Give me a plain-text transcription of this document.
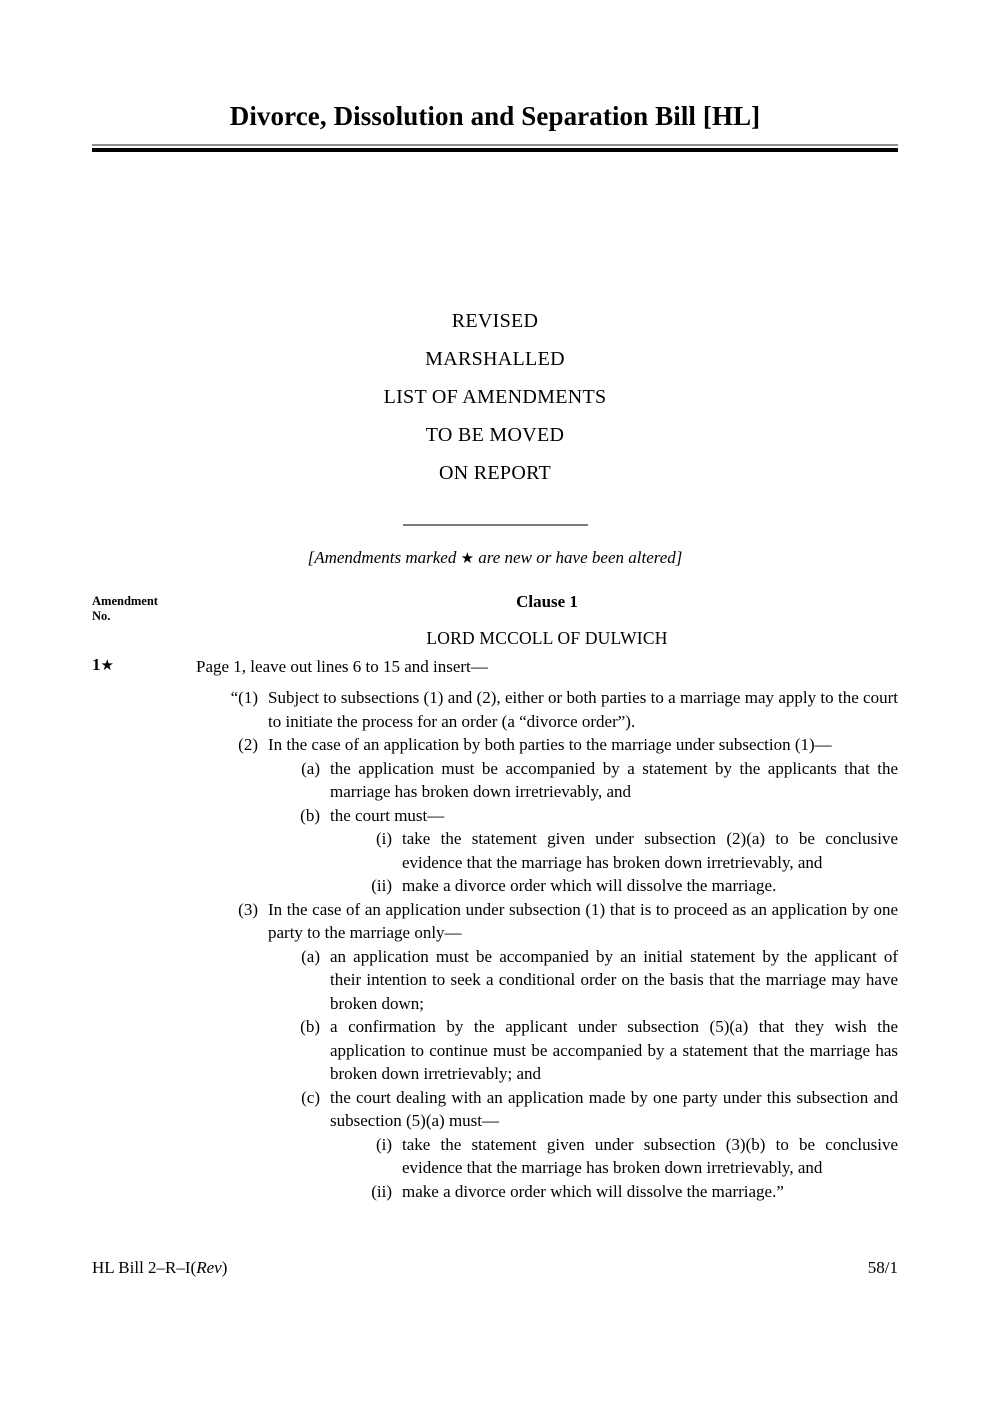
Divorce, Dissolution and Separation Bill [HL]
REVISED
MARSHALLED
LIST OF AMENDMENTS
TO BE MOVED
ON REPORT
[Amendments marked ★ are new or have been altered]
Amendment
No.
Clause 1
LORD MCCOLL OF DULWICH
1★	Page 1, leave out lines 6 to 15 and insert—
“(1) Subject to subsections (1) and (2), either or both parties to a marriage may apply to the court to initiate the process for an order (a “divorce order”).
(2) In the case of an application by both parties to the marriage under subsection (1)—
(a) the application must be accompanied by a statement by the applicants that the marriage has broken down irretrievably, and
(b) the court must—
(i) take the statement given under subsection (2)(a) to be conclusive evidence that the marriage has broken down irretrievably, and
(ii) make a divorce order which will dissolve the marriage.
(3) In the case of an application under subsection (1) that is to proceed as an application by one party to the marriage only—
(a) an application must be accompanied by an initial statement by the applicant of their intention to seek a conditional order on the basis that the marriage may have broken down;
(b) a confirmation by the applicant under subsection (5)(a) that they wish the application to continue must be accompanied by a statement that the marriage has broken down irretrievably; and
(c) the court dealing with an application made by one party under this subsection and subsection (5)(a) must—
(i) take the statement given under subsection (3)(b) to be conclusive evidence that the marriage has broken down irretrievably, and
(ii) make a divorce order which will dissolve the marriage.”
HL Bill 2–R–I(Rev)	58/1
